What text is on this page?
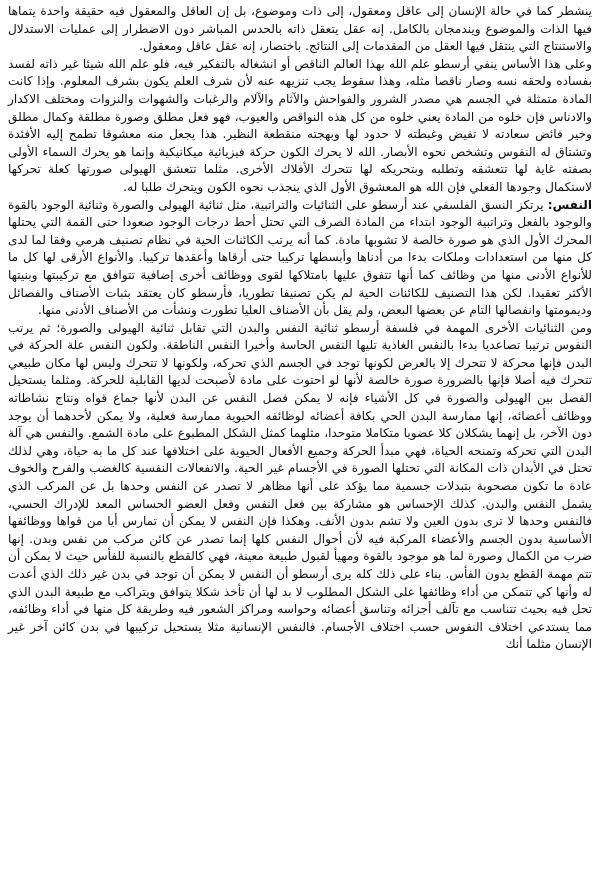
ينشطر كما في حالة الإنسان إلى عاقل ومعقول، إلى ذات وموضوع، بل إن العاقل والمعقول فيه حقيقة واحدة يتماها فيها الذات والموضوع ويندمجان بالكامل. إنه عقل يتعقل ذاته بالحدس المباشر دون الاضطرار إلى عمليات الاستدلال والاستنتاج التي ينتقل فيها العقل من المقدمات إلى النتائج. باختصار، إنه عقل عاقل ومعقول.

وعلى هذا الأساس ينفي أرسطو علم الله بهذا العالم الناقص أو انشغاله بالتفكير فيه، فلو علم الله شيئا غير ذاته لفسد بفساده ولحقه نسه وصار ناقصا مثله، وهذا سقوط يجب تنزيهه عنه لأن شرف العلم يكون بشرف المعلوم. وإذا كانت المادة متمثلة في الجسم هي مصدر الشرور والفواحش والآثام والآلام والرغبات والشهوات والنزوات ومختلف الاكدار والادناس فإن خلوه من المادة يعني خلوه من كل هذه النواقص والعيوب، فهو فعل مطلق وصورة مطلقة وكمال مطلق وخير فائض سعادته لا تفيض وغبطته لا حدود لها وبهجته منقطعة النظير. هذا يجعل منه معشوقا تطمح إليه الأفئدة وتشتاق له النفوس وتشخص نحوه الأبصار. الله لا يحرك الكون حركة فيزيائية ميكانيكية وإنما هو يحرك السماء الأولى بصفته غاية لها تتعشقه وتطلبه وبتحريكه لها تتحرك الأفلاك الأخرى. مثلما تتعشق الهيولى صورتها كعلة تحركها لاستكمال وجودها الفعلي فإن الله هو المعشوق الأول الذي ينجذب نحوه الكون ويتحرك طلبا له.

النفس: يرتكز النسق الفلسفي عند أرسطو على الثنائيات والتراتبية، مثل ثنائية الهيولى والصورة وثنائية الوجود بالقوة والوجود بالفعل وتراتبية الوجود ابتداء من المادة الصرف التي تحتل أحط درجات الوجود صعودا حتى القمة التي يحتلها المحرك الأول الذي هو صورة خالصة لا تشوبها مادة. كما أنه يرتب الكائنات الحية في نظام تصنيف هرمي وفقا لما لدى كل منها من استعدادات وملكات بدءا من أدناها وأبسطها تركيبا حتى أرقاها وأعقدها تركيبا. والأنواع الأرقى لها كل ما للأنواع الأدنى منها من وظائف كما أنها تتفوق عليها بامتلاكها لقوى ووظائف أخرى إضافية تتوافق مع تركيبتها وبنيتها الأكثر تعقيدا. لكن هذا التصنيف للكائنات الحية لم يكن تصنيفا تطوريا، فأرسطو كان يعتقد بثبات الأصناف والفصائل وديمومتها وانفصالها التام عن بعضها البعض، ولم يقل بأن الأصناف العليا تطورت ونشأت من الأصناف الأدنى منها.

ومن الثنائيات الأخرى المهمة في فلسفة أرسطو ثنائية النفس والبدن التي تقابل ثنائية الهيولى والصورة؛ ثم يرتب النفوس ترتيبا تصاعديا بدءا بالنفس الغاذية تليها النفس الحاسة وأخيرا النفس الناطقة. ولكون النفس علة الحركة في البدن فإنها محركة لا تتحرك إلا بالعرض لكونها توجد في الجسم الذي تحركه، ولكونها لا تتحرك وليس لها مكان طبيعي تتحرك فيه أصلا فإنها بالضرورة صورة خالصة لأنها لو احتوت على مادة لأصبحت لديها القابلية للحركة. ومثلما يستحيل الفصل بين الهيولى والصورة في كل الأشياء فإنه لا يمكن فصل النفس عن البدن لأنها جماع قواه ونتاج نشاطاته ووظائف أعضائه، إنها ممارسة البدن الحي بكافة أعضائه لوظائفه الحيوية ممارسة فعلية، ولا يمكن لأحدهما أن يوجد دون الآخر، بل إنهما يشكلان كلا عضويا متكاملا متوحدا، مثلهما كمثل الشكل المطبوع على مادة الشمع. والنفس هي آلة البدن التي تحركه وتمنحه الحياة، فهي مبدأ الحركة وجميع الأفعال الحيوية على اختلافها عند كل ما به حياة، وهي لذلك تحتل في الأبدان ذات المكانة التي تحتلها الصورة في الأجسام غير الحية. والانفعالات النفسية كالغضب والفرح والخوف عادة ما تكون مصحوبة بتبدلات جسمية مما يؤكد على أنها مظاهر لا تصدر عن النفس وحدها بل عن المركب الذي يشمل النفس والبدن. كذلك الإحساس هو مشاركة بين فعل النفس وفعل العضو الحساس المعد للإدراك الحسي، فالنفس وحدها لا ترى بدون العين ولا تشم بدون الأنف. وهكذا فإن النفس لا يمكن أن تمارس أيا من قواها ووظائفها الأساسية بدون الجسم والأعضاء المركبة فيه لأن أحوال النفس كلها إنما تصدر عن كائن مركب من نفس وبدن. إنها ضرب من الكمال وصورة لما هو موجود بالقوة ومهيأ لقبول طبيعة معينة، فهي كالقطع بالنسبة للفأس حيث لا يمكن أن تتم مهمة القطع بدون الفأس. بناء على ذلك كله يرى أرسطو أن النفس لا يمكن أن توجد في بدن غير ذلك الذي أعدت له وأنها كي تتمكن من أداء وظائفها على الشكل المطلوب لا بد لها أن تأخذ شكلا يتوافق ويتراكب مع طبيعة البدن الذي تحل فيه بحيث تتناسب مع تآلف أجزائه وتناسق أعضائه وحواسه ومراكز الشعور فيه وطريقة كل منها في أداء وظائفه، مما يستدعي اختلاف النفوس حسب اختلاف الأجسام. فالنفس الإنسانية مثلا يستحيل تركيبها في بدن كائن آخر غير الإنسان مثلما أنك
